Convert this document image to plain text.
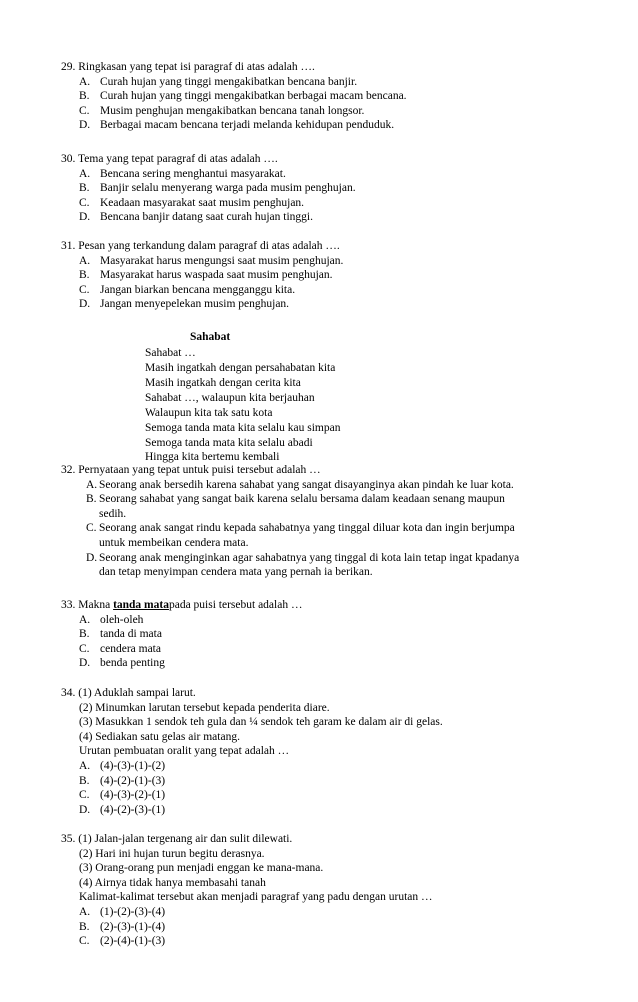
29. Ringkasan yang tepat isi paragraf di atas adalah ….
A. Curah hujan yang tinggi mengakibatkan bencana banjir.

B. Curah hujan yang tinggi mengakibatkan berbagai macam bencana.

C. Musim penghujan mengakibatkan bencana tanah longsor.

D. Berbagai macam bencana terjadi melanda kehidupan penduduk.

30. Tema yang tepat paragraf di atas adalah ….
A. Bencana sering menghantui masyarakat.

B. Banjir selalu menyerang warga pada musim penghujan.

C. Keadaan masyarakat saat musim penghujan.

D. Bencana banjir datang saat curah hujan tinggi.

31. Pesan yang terkandung dalam paragraf di atas adalah ….
A. Masyarakat harus mengungsi saat musim penghujan.

B. Masyarakat harus waspada saat musim penghujan.

C. Jangan biarkan bencana mengganggu kita.

D. Jangan menyepelekan musim penghujan.

Sahabat
Sahabat …
Masih ingatkah dengan persahabatan kita
Masih ingatkah dengan cerita kita
Sahabat …, walaupun kita berjauhan
Walaupun kita tak satu kota
Semoga tanda mata kita selalu kau simpan
Semoga tanda mata kita selalu abadi
Hingga kita bertemu kembali
32. Pernyataan yang tepat untuk puisi tersebut adalah …
A. Seorang anak bersedih karena sahabat yang sangat disayanginya akan pindah ke luar kota.

B. Seorang sahabat yang sangat baik karena selalu bersama dalam keadaan senang maupun

sedih.
C. Seorang anak sangat rindu kepada sahabatnya yang tinggal diluar kota dan ingin berjumpa

untuk membeikan cendera mata.
D. Seorang anak menginginkan agar sahabatnya yang tinggal di kota lain tetap ingat kpadanya

dan tetap menyimpan cendera mata yang pernah ia berikan.
33. Makna tanda matapada puisi tersebut adalah …
A. oleh-oleh

B. tanda di mata

C. cendera mata

D. benda penting

34. (1) Aduklah sampai larut.
(2) Minumkan larutan tersebut kepada penderita diare.
(3) Masukkan 1 sendok teh gula dan ¼ sendok teh garam ke dalam air di gelas.
(4) Sediakan satu gelas air matang.
Urutan pembuatan oralit yang tepat adalah …
A. (4)-(3)-(1)-(2)

B. (4)-(2)-(1)-(3)

C. (4)-(3)-(2)-(1)

D. (4)-(2)-(3)-(1)

35. (1) Jalan-jalan tergenang air dan sulit dilewati.
(2) Hari ini hujan turun begitu derasnya.
(3) Orang-orang pun menjadi enggan ke mana-mana.
(4) Airnya tidak hanya membasahi tanah
Kalimat-kalimat tersebut akan menjadi paragraf yang padu dengan urutan …
A. (1)-(2)-(3)-(4)

B. (2)-(3)-(1)-(4)

C. (2)-(4)-(1)-(3)
